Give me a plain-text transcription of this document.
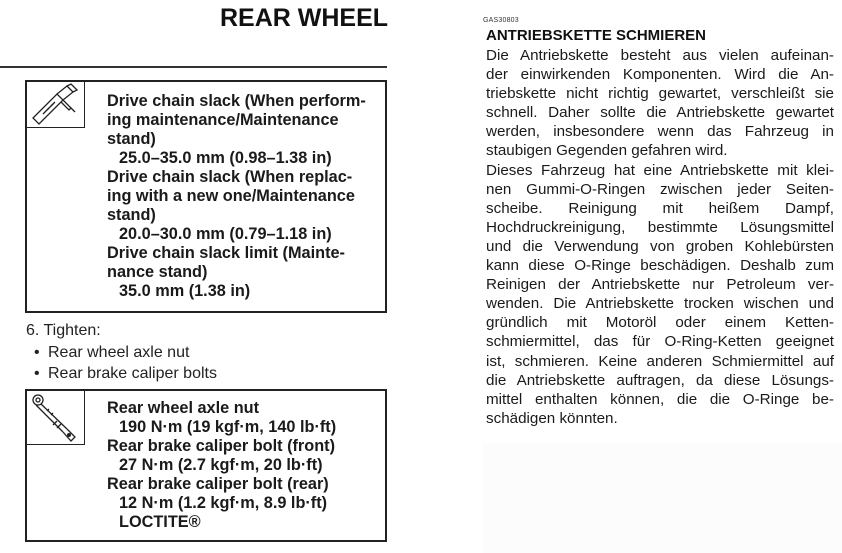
REAR WHEEL
Drive chain slack (When perform-
ing maintenance/Maintenance
stand)
25.0–35.0 mm (0.98–1.38 in)
Drive chain slack (When replac-
ing with a new one/Maintenance
stand)
20.0–30.0 mm (0.79–1.18 in)
Drive chain slack limit (Mainte-
nance stand)
35.0 mm (1.38 in)
6. Tighten:
• Rear wheel axle nut
• Rear brake caliper bolts
Rear wheel axle nut
190 N·m (19 kgf·m, 140 lb·ft)
Rear brake caliper bolt (front)
27 N·m (2.7 kgf·m, 20 lb·ft)
Rear brake caliper bolt (rear)
12 N·m (1.2 kgf·m, 8.9 lb·ft)
LOCTITE®
GAS30803
ANTRIEBSKETTE SCHMIEREN
Die Antriebskette besteht aus vielen aufeinan-
der einwirkenden Komponenten. Wird die An-
triebskette nicht richtig gewartet, verschleißt sie
schnell. Daher sollte die Antriebskette gewartet
werden, insbesondere wenn das Fahrzeug in
staubigen Gegenden gefahren wird.
Dieses Fahrzeug hat eine Antriebskette mit klei-
nen Gummi-O-Ringen zwischen jeder Seiten-
scheibe. Reinigung mit heißem Dampf,
Hochdruckreinigung, bestimmte Lösungsmittel
und die Verwendung von groben Kohlebürsten
kann diese O-Ringe beschädigen. Deshalb zum
Reinigen der Antriebskette nur Petroleum ver-
wenden. Die Antriebskette trocken wischen und
gründlich mit Motoröl oder einem Ketten-
schmiermittel, das für O-Ring-Ketten geeignet
ist, schmieren. Keine anderen Schmiermittel auf
die Antriebskette auftragen, da diese Lösungs-
mittel enthalten können, die die O-Ringe be-
schädigen könnten.
